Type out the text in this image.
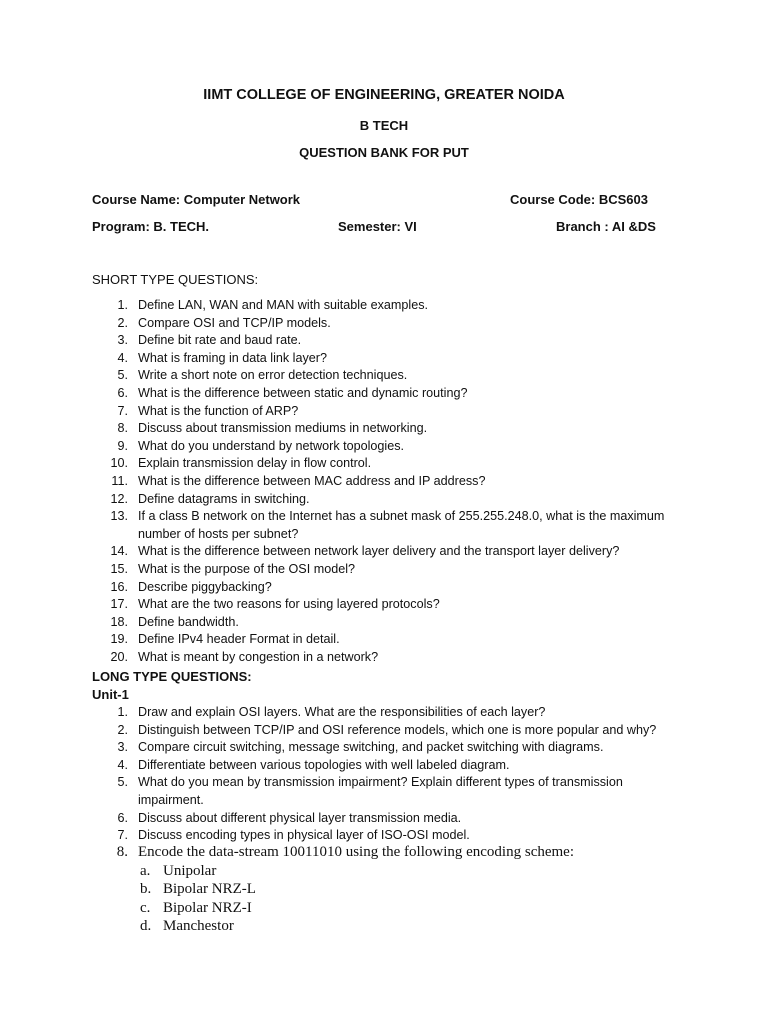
IIMT COLLEGE OF ENGINEERING, GREATER NOIDA
B TECH
QUESTION BANK FOR PUT
Course Name: Computer Network	Course Code: BCS603
Program: B. TECH.	Semester: VI	Branch : AI &DS
SHORT TYPE QUESTIONS:
1. Define LAN, WAN and MAN with suitable examples.
2. Compare OSI and TCP/IP models.
3. Define bit rate and baud rate.
4. What is framing in data link layer?
5. Write a short note on error detection techniques.
6. What is the difference between static and dynamic routing?
7. What is the function of ARP?
8. Discuss about transmission mediums in networking.
9. What do you understand by network topologies.
10. Explain transmission delay in flow control.
11. What is the difference between MAC address and IP address?
12. Define datagrams in switching.
13. If a class B network on the Internet has a subnet mask of 255.255.248.0, what is the maximum number of hosts per subnet?
14. What is the difference between network layer delivery and the transport layer delivery?
15. What is the purpose of the OSI model?
16. Describe piggybacking?
17. What are the two reasons for using layered protocols?
18. Define bandwidth.
19. Define IPv4 header Format in detail.
20. What is meant by congestion in a network?
LONG TYPE QUESTIONS:
Unit-1
1. Draw and explain OSI layers. What are the responsibilities of each layer?
2. Distinguish between TCP/IP and OSI reference models, which one is more popular and why?
3. Compare circuit switching, message switching, and packet switching with diagrams.
4. Differentiate between various topologies with well labeled diagram.
5. What do you mean by transmission impairment? Explain different types of transmission impairment.
6. Discuss about different physical layer transmission media.
7. Discuss encoding types in physical layer of ISO-OSI model.
8. Encode the data-stream 10011010 using the following encoding scheme:
a. Unipolar
b. Bipolar NRZ-L
c. Bipolar NRZ-I
d. Manchestor
